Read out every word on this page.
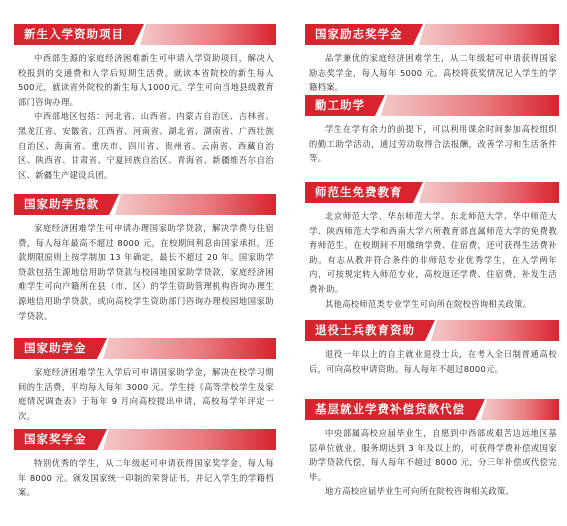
新生入学资助项目

中西部生源的家庭经济困难新生可申请入学资助项目，解决入校报到的交通费和入学后短期生活费。就读本省院校的新生每人500元，就读省外院校的新生每人1000元。学生可向当地县级教育部门咨询办理。

中西部地区包括：河北省、山西省、内蒙古自治区、吉林省、黑龙江省、安徽省、江西省、河南省、湖北省、湖南省、广西壮族自治区、海南省、重庆市、四川省、贵州省、云南省、西藏自治区、陕西省、甘肃省、宁夏回族自治区、青海省、新疆维吾尔自治区、新疆生产建设兵团。

国家助学贷款

家庭经济困难学生可申请办理国家助学贷款，解决学费与住宿费，每人每年最高不超过 8000 元，在校期间利息由国家承担，还款期限原则上按学制加 13 年确定，最长不超过 20 年。国家助学贷款包括生源地信用助学贷款与校园地国家助学贷款，家庭经济困难学生可向户籍所在县（市、区）的学生资助管理机构咨询办理生源地信用助学贷款，或向高校学生资助部门咨询办理校园地国家助学贷款。

国家助学金

家庭经济困难学生入学后可申请国家助学金，解决在校学习期间的生活费，平均每人每年 3000 元。学生持《高等学校学生及家庭情况调查表》于每年 9 月向高校提出申请，高校每学年评定一次。

国家奖学金

特别优秀的学生，从二年级起可申请获得国家奖学金，每人每年 8000 元。颁发国家统一印制的荣誉证书，并记入学生的学籍档案。

国家励志奖学金

品学兼优的家庭经济困难学生，从二年级起可申请获得国家励志奖学金，每人每年 5000 元。高校将获奖情况记入学生的学籍档案。

勤工助学

学生在学有余力的前提下，可以利用课余时间参加高校组织的勤工助学活动，通过劳动取得合法报酬，改善学习和生活条件等。

师范生免费教育

北京师范大学、华东师范大学、东北师范大学、华中师范大学、陕西师范大学和西南大学六所教育部直属师范大学的免费教育师范生，在校期间不用缴纳学费、住宿费，还可获得生活费补助。有志从教并符合条件的非师范专业优秀学生，在入学两年内，可按规定转入师范专业，高校返还学费、住宿费，补发生活费补助。

其他高校师范类专业学生可向所在院校咨询相关政策。

退役士兵教育资助

退役一年以上的自主就业退役士兵，在考入全日制普通高校后，可向高校申请资助。每人每年不超过8000元。

基层就业学费补偿贷款代偿

中央部属高校应届毕业生，自愿到中西部或艰苦边远地区基层单位就业，服务期达到 3 年及以上的，可获得学费补偿或国家助学贷款代偿，每人每年不超过 8000 元，分三年补偿或代偿完毕。

地方高校应届毕业生可向所在院校咨询相关政策。
